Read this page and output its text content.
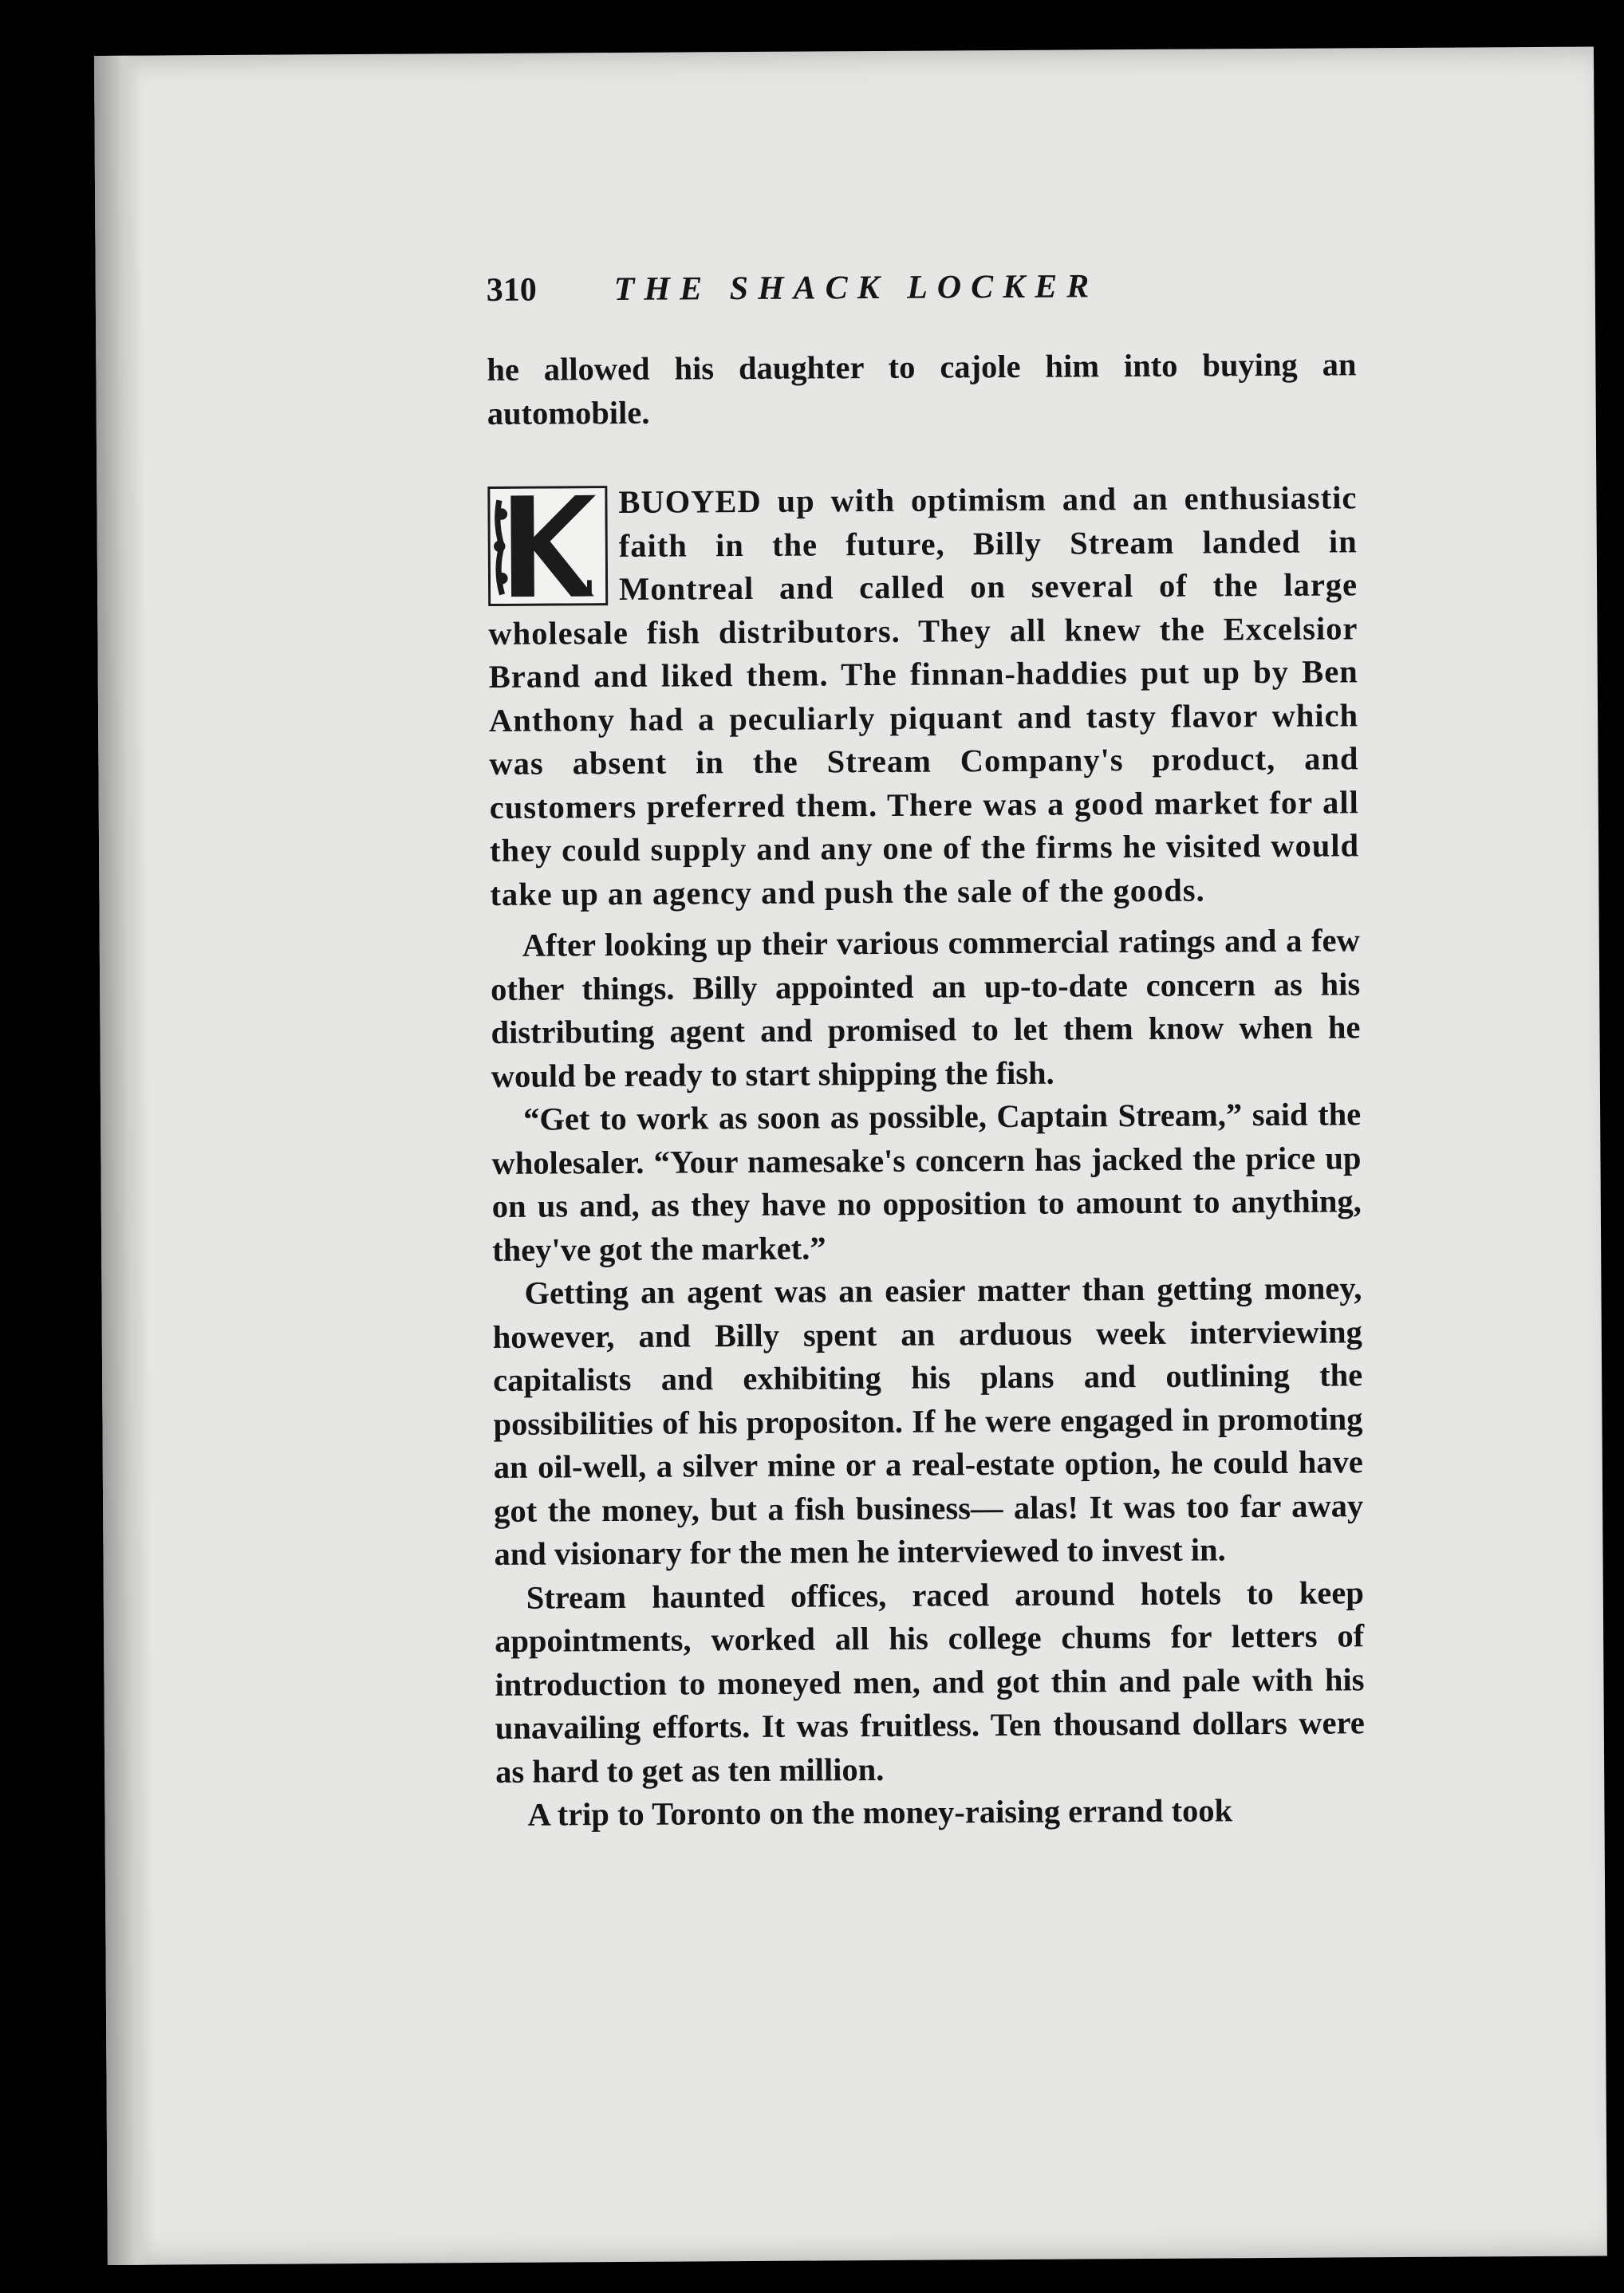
310	THE SHACK LOCKER

he allowed his daughter to cajole him into buying an automobile.

BUOYED up with optimism and an enthusiastic faith in the future, Billy Stream landed in Montreal and called on several of the large wholesale fish distributors. They all knew the Excelsior Brand and liked them. The finnan-haddies put up by Ben Anthony had a peculiarly piquant and tasty flavor which was absent in the Stream Company's product, and customers preferred them. There was a good market for all they could supply and any one of the firms he visited would take up an agency and push the sale of the goods.

After looking up their various commercial ratings and a few other things. Billy appointed an up-to-date concern as his distributing agent and promised to let them know when he would be ready to start shipping the fish.

“Get to work as soon as possible, Captain Stream,” said the wholesaler. “Your namesake's concern has jacked the price up on us and, as they have no opposition to amount to anything, they've got the market.”

Getting an agent was an easier matter than getting money, however, and Billy spent an arduous week interviewing capitalists and exhibiting his plans and outlining the possibilities of his propositon. If he were engaged in promoting an oil-well, a silver mine or a real-estate option, he could have got the money, but a fish business— alas! It was too far away and visionary for the men he interviewed to invest in.

Stream haunted offices, raced around hotels to keep appointments, worked all his college chums for letters of introduction to moneyed men, and got thin and pale with his unavailing efforts. It was fruitless. Ten thousand dollars were as hard to get as ten million.

A trip to Toronto on the money-raising errand took
